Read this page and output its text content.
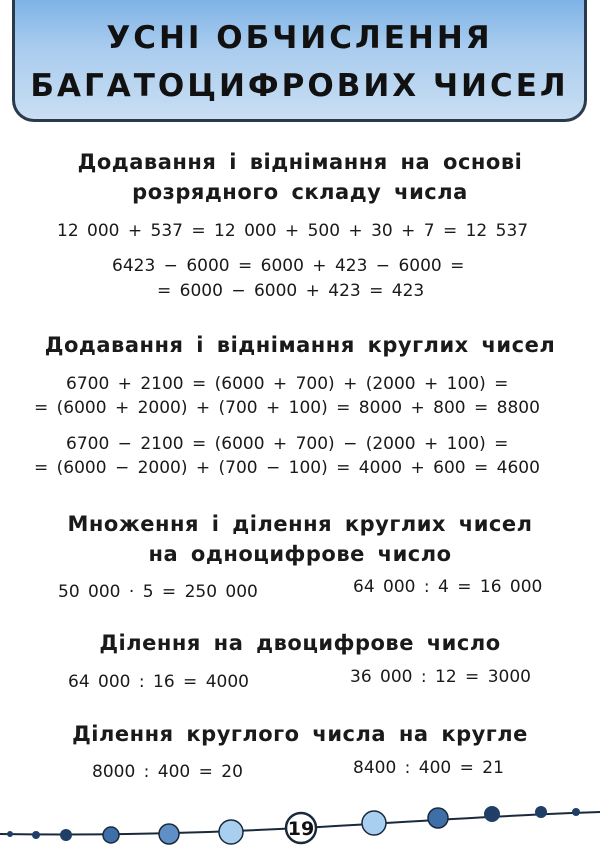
УСНІ ОБЧИСЛЕННЯ
БАГАТОЦИФРОВИХ ЧИСЕЛ
Додавання і віднімання на основі
розрядного складу числа
12 000 + 537 = 12 000 + 500 + 30 + 7 = 12 537
6423 − 6000 = 6000 + 423 − 6000 =
= 6000 − 6000 + 423 = 423
Додавання і віднімання круглих чисел
6700 + 2100 = (6000 + 700) + (2000 + 100) =
= (6000 + 2000) + (700 + 100) = 8000 + 800 = 8800
6700 − 2100 = (6000 + 700) − (2000 + 100) =
= (6000 − 2000) + (700 − 100) = 4000 + 600 = 4600
Множення і ділення круглих чисел
на одноцифрове число
50 000 · 5 = 250 000	64 000 : 4 = 16 000
Ділення на двоцифрове число
64 000 : 16 = 4000	36 000 : 12 = 3000
Ділення круглого числа на кругле
8000 : 400 = 20	8400 : 400 = 21
19
